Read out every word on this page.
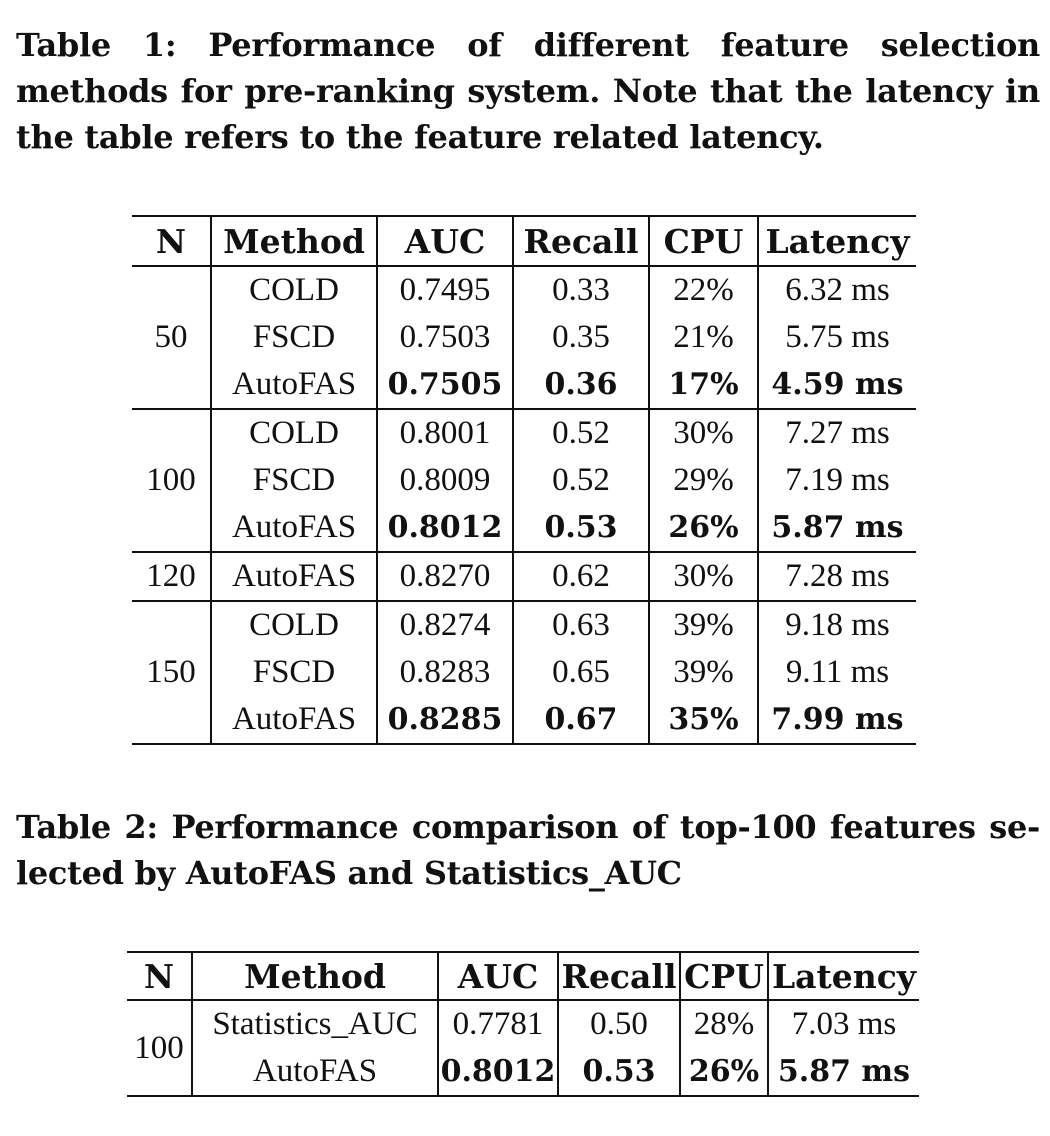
Table 1: Performance of different feature selection methods for pre-ranking system. Note that the latency in the table refers to the feature related latency.
N	Method	AUC	Recall	CPU	Latency
50	COLD	0.7495	0.33	22%	6.32 ms
	FSCD	0.7503	0.35	21%	5.75 ms
	AutoFAS	0.7505	0.36	17%	4.59 ms
100	COLD	0.8001	0.52	30%	7.27 ms
	FSCD	0.8009	0.52	29%	7.19 ms
	AutoFAS	0.8012	0.53	26%	5.87 ms
120	AutoFAS	0.8270	0.62	30%	7.28 ms
150	COLD	0.8274	0.63	39%	9.18 ms
	FSCD	0.8283	0.65	39%	9.11 ms
	AutoFAS	0.8285	0.67	35%	7.99 ms
Table 2: Performance comparison of top-100 features se-
lected by AutoFAS and Statistics_AUC
N	Method	AUC	Recall	CPU	Latency
100	Statistics_AUC	0.7781	0.50	28%	7.03 ms
	AutoFAS	0.8012	0.53	26%	5.87 ms
